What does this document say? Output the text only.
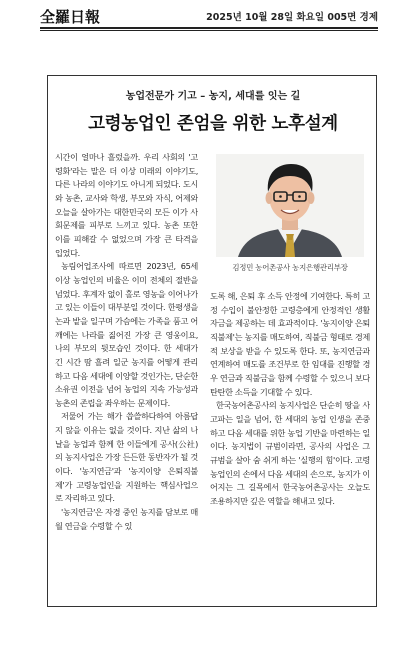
全羅日報	2025년 10월 28일 화요일 005면 경제
농업전문가 기고 – 농지, 세대를 잇는 길
고령농업인 존엄을 위한 노후설계

시간이 얼마나 흘렀을까. 우리 사회의 '고령화'라는 말은 더 이상 미래의 이야기도, 다른 나라의 이야기도 아니게 되었다. 도시와 농촌, 교사와 학생, 부모와 자식, 어제와 오늘을 살아가는 대한민국의 모든 이가 사회문제를 피부로 느끼고 있다. 농촌 또한 이를 피해갈 수 없었으며 가장 큰 타격을 입었다.

농림어업조사에 따르면 2023년, 65세 이상 농업인의 비율은 이미 전체의 절반을 넘었다. 후계자 없이 홀로 영농을 이어나가고 있는 이들이 대부분일 것이다. 한평생을 논과 밭을 일구며 가슴에는 가족을 품고 어깨에는 나라를 짊어진 가장 큰 영웅이요, 나의 부모의 뒷모습인 것이다. 한 세대가 긴 시간 땀 흘려 일군 농지를 어떻게 관리하고 다음 세대에 이양할 것인가는, 단순한 소유권 이전을 넘어 농업의 지속 가능성과 농촌의 존립을 좌우하는 문제이다.

저물어 가는 해가 씁쓸하다하여 아름답지 않을 이유는 없을 것이다. 지난 삶의 나날을 농업과 함께 한 이들에게 공사(公社)의 농지사업은 가장 든든한 동반자가 될 것이다. '농지연금'과 '농지이양 은퇴직불제'가 고령농업인을 지원하는 핵심사업으로 자리하고 있다.

'농지연금'은 자경 중인 농지를 담보로 매월 연금을 수령할 수 있

김정민 농어촌공사 농지은행관리부장

도록 해, 은퇴 후 소득 안정에 기여한다. 특히 고정 수입이 불안정한 고령층에게 안정적인 생활 자금을 제공하는 데 효과적이다. '농지이양 은퇴직불제'는 농지를 매도하여, 직불금 형태로 경제적 보상을 받을 수 있도록 한다. 또, 농지연금과 연계하여 매도를 조건부로 한 임대를 진행할 경우 연금과 직불금을 함께 수령할 수 있으니 보다 탄탄한 소득을 기대할 수 있다.

한국농어촌공사의 농지사업은 단순히 땅을 사고파는 일을 넘어, 한 세대의 농업 인생을 존중하고 다음 세대를 위한 농업 기반을 마련하는 일이다. 농지법이 규범이라면, 공사의 사업은 그 규범을 살아 숨 쉬게 하는 '실행의 힘'이다. 고령농업인의 손에서 다음 세대의 손으로, 농지가 이어지는 그 길목에서 한국농어촌공사는 오늘도 조용하지만 깊은 역할을 해내고 있다.
